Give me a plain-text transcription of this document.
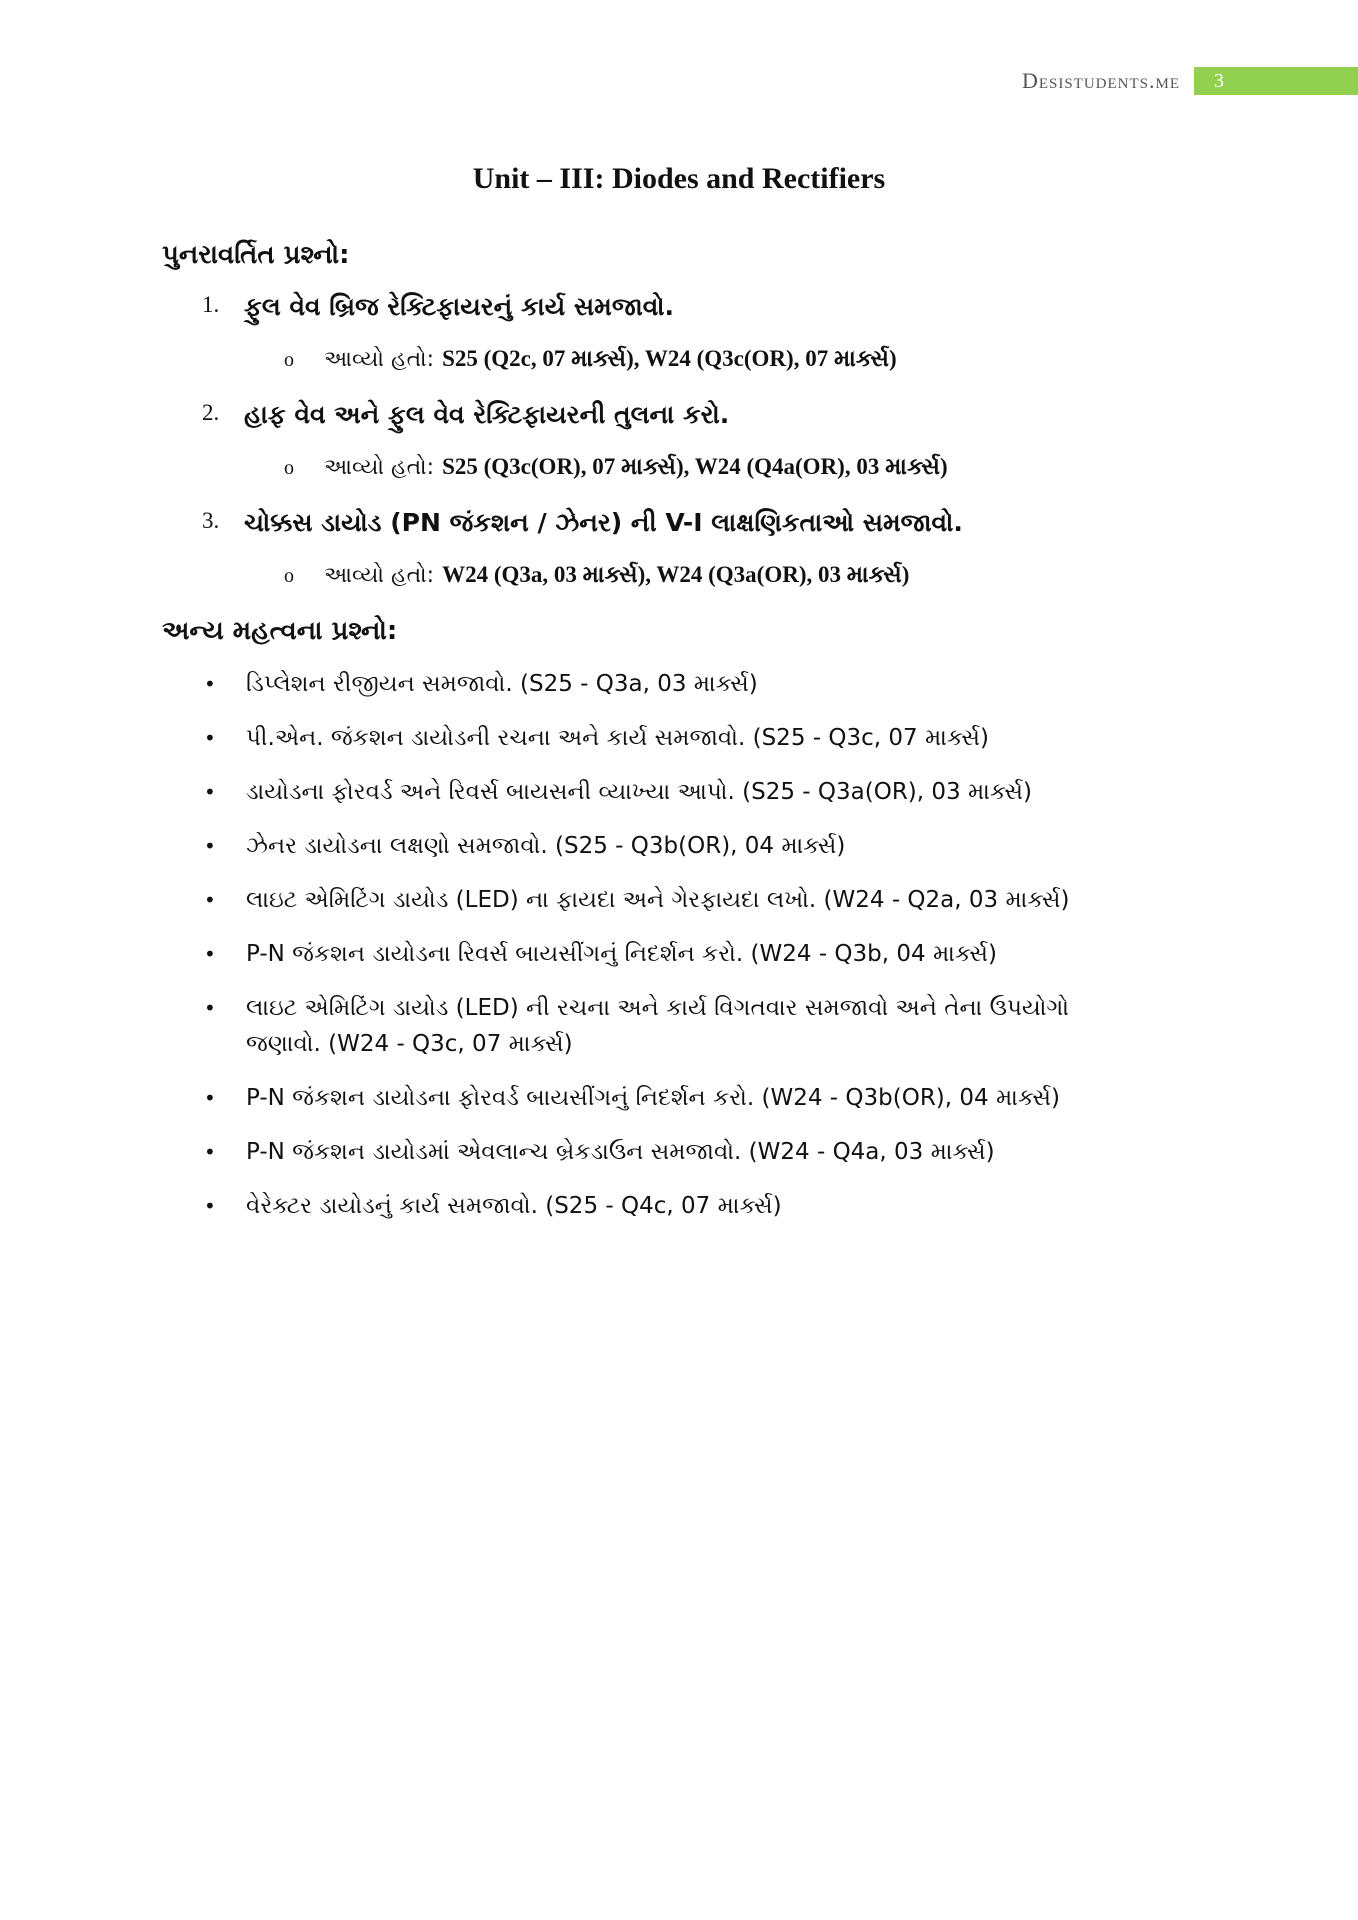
Desistudents.me	3
Unit – III: Diodes and Rectifiers
પુનરાવર્તિત પ્રશ્નો:
1. ફુલ વેવ બ્રિજ રેક્ટિફાયરનું કાર્ય સમજાવો.
o	આવ્યો હતો: S25 (Q2c, 07 માર્ક્સ), W24 (Q3c(OR), 07 માર્ક્સ)
2. હાફ વેવ અને ફુલ વેવ રેક્ટિફાયરની તુલના કરો.
o	આવ્યો હતો: S25 (Q3c(OR), 07 માર્ક્સ), W24 (Q4a(OR), 03 માર્ક્સ)
3. ચોક્કસ ડાયોડ (PN જંકશન / ઝેનર) ની V-I લાક્ષણિકતાઓ સમજાવો.
o	આવ્યો હતો: W24 (Q3a, 03 માર્ક્સ), W24 (Q3a(OR), 03 માર્ક્સ)
અન્ય મહત્વના પ્રશ્નો:
•	ડિપ્લેશન રીજીયન સમજાવો. (S25 - Q3a, 03 માર્ક્સ)
•	પી.એન. જંકશન ડાયોડની રચના અને કાર્ય સમજાવો. (S25 - Q3c, 07 માર્ક્સ)
•	ડાયોડના ફોરવર્ડ અને રિવર્સ બાયસની વ્યાખ્યા આપો. (S25 - Q3a(OR), 03 માર્ક્સ)
•	ઝેનર ડાયોડના લક્ષણો સમજાવો. (S25 - Q3b(OR), 04 માર્ક્સ)
•	લાઇટ એમિટિંગ ડાયોડ (LED) ના ફાયદા અને ગેરફાયદા લખો. (W24 - Q2a, 03 માર્ક્સ)
•	P-N જંકશન ડાયોડના રિવર્સ બાયસીંગનું નિદર્શન કરો. (W24 - Q3b, 04 માર્ક્સ)
•	લાઇટ એમિટિંગ ડાયોડ (LED) ની રચના અને કાર્ય વિગતવાર સમજાવો અને તેના ઉપયોગો જણાવો. (W24 - Q3c, 07 માર્ક્સ)
•	P-N જંકશન ડાયોડના ફોરવર્ડ બાયસીંગનું નિદર્શન કરો. (W24 - Q3b(OR), 04 માર્ક્સ)
•	P-N જંકશન ડાયોડમાં એવલાન્ચ બ્રેકડાઉન સમજાવો. (W24 - Q4a, 03 માર્ક્સ)
•	વેરેક્ટર ડાયોડનું કાર્ય સમજાવો. (S25 - Q4c, 07 માર્ક્સ)
